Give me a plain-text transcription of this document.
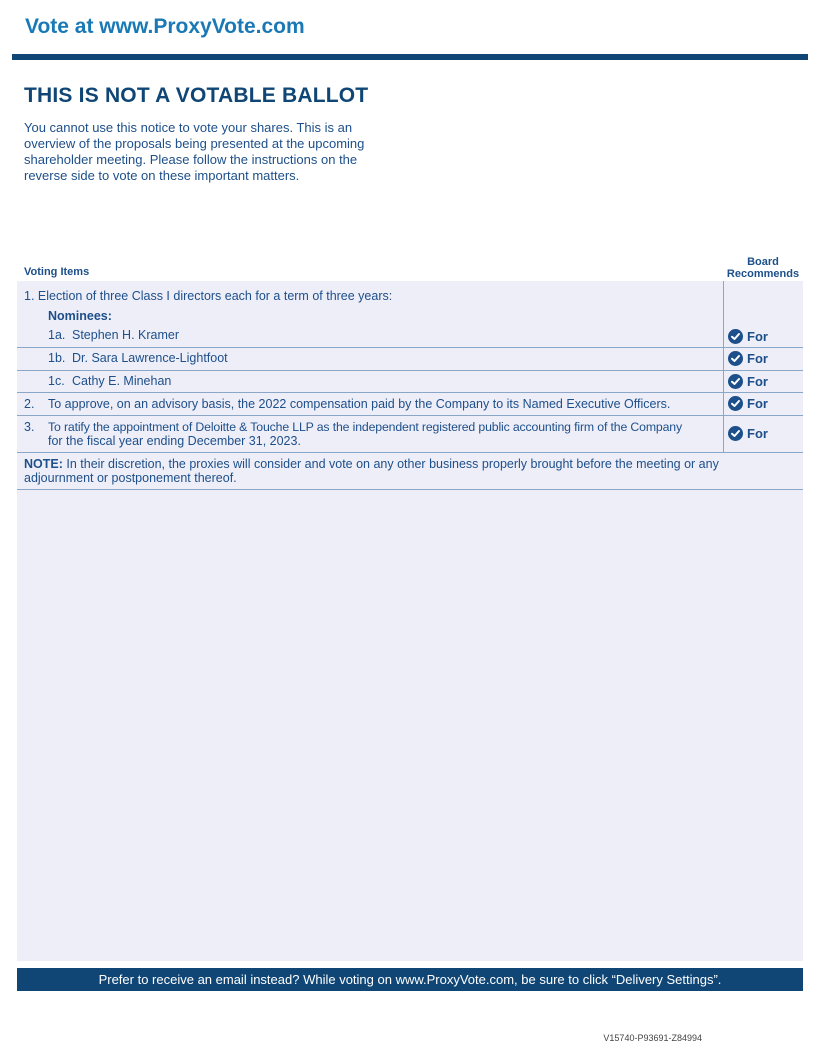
Vote at www.ProxyVote.com
THIS IS NOT A VOTABLE BALLOT
You cannot use this notice to vote your shares. This is an overview of the proposals being presented at the upcoming shareholder meeting. Please follow the instructions on the reverse side to vote on these important matters.
Voting Items
Board
Recommends
1. Election of three Class I directors each for a term of three years:
Nominees:
1a. Stephen H. Kramer	For
1b. Dr. Sara Lawrence-Lightfoot	For
1c. Cathy E. Minehan	For
2. To approve, on an advisory basis, the 2022 compensation paid by the Company to its Named Executive Officers.	For
3. To ratify the appointment of Deloitte & Touche LLP as the independent registered public accounting firm of the Company
for the fiscal year ending December 31, 2023.	For
NOTE: In their discretion, the proxies will consider and vote on any other business properly brought before the meeting or any adjournment or postponement thereof.
Prefer to receive an email instead? While voting on www.ProxyVote.com, be sure to click “Delivery Settings”.
V15740-P93691-Z84994
